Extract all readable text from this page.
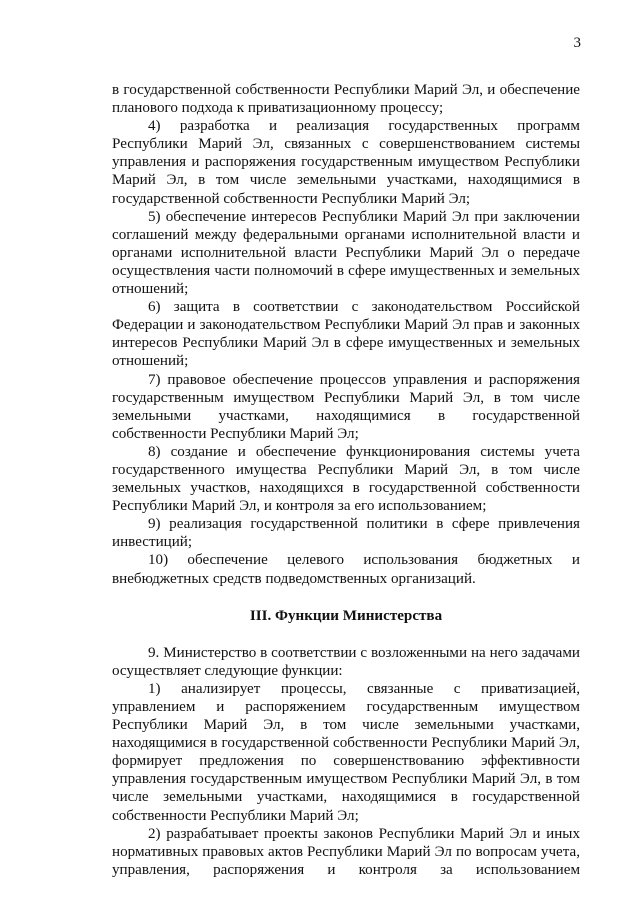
3

в государственной собственности Республики Марий Эл, и обеспечение планового подхода к приватизационному процессу;

4) разработка и реализация государственных программ Республики Марий Эл, связанных с совершенствованием системы управления и распоряжения государственным имуществом Республики Марий Эл, в том числе земельными участками, находящимися в государственной собственности Республики Марий Эл;

5) обеспечение интересов Республики Марий Эл при заключении соглашений между федеральными органами исполнительной власти и органами исполнительной власти Республики Марий Эл о передаче осуществления части полномочий в сфере имущественных и земельных отношений;

6) защита в соответствии с законодательством Российской Федерации и законодательством Республики Марий Эл прав и законных интересов Республики Марий Эл в сфере имущественных и земельных отношений;

7) правовое обеспечение процессов управления и распоряжения государственным имуществом Республики Марий Эл, в том числе земельными участками, находящимися в государственной собственности Республики Марий Эл;

8) создание и обеспечение функционирования системы учета государственного имущества Республики Марий Эл, в том числе земельных участков, находящихся в государственной собственности Республики Марий Эл, и контроля за его использованием;

9) реализация государственной политики в сфере привлечения инвестиций;

10) обеспечение целевого использования бюджетных и внебюджетных средств подведомственных организаций.

III. Функции Министерства

9. Министерство в соответствии с возложенными на него задачами осуществляет следующие функции:

1) анализирует процессы, связанные с приватизацией, управлением и распоряжением государственным имуществом Республики Марий Эл, в том числе земельными участками, находящимися в государственной собственности Республики Марий Эл, формирует предложения по совершенствованию эффективности управления государственным имуществом Республики Марий Эл, в том числе земельными участками, находящимися в государственной собственности Республики Марий Эл;

2) разрабатывает проекты законов Республики Марий Эл и иных нормативных правовых актов Республики Марий Эл по вопросам учета, управления, распоряжения и контроля за использованием
